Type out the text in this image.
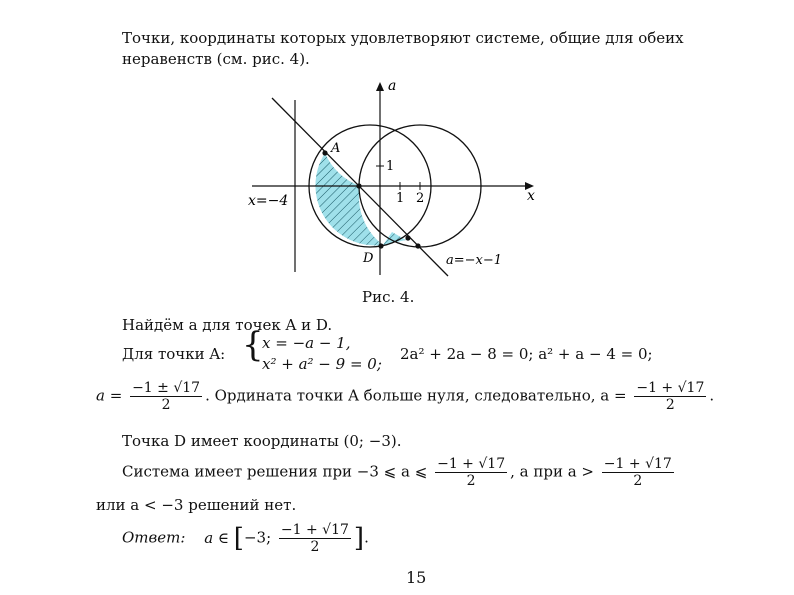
Точки, координаты которых удовлетворяют системе, общие для обеих
неравенств (см. рис. 4).
a
x
1
1 2
A
D
x=−4
a=−x−1
Рис. 4.
Найдём a для точек A и D.
Для точки A: {
x = −a − 1,
x² + a² − 9 = 0;
2a² + 2a − 8 = 0; a² + a − 4 = 0;
$a = \frac{-1 \pm √17}{2}$ . Ордината точки A больше нуля, следовательно, $a = \frac{-1 + √17}{2}$ .
Точка D имеет координаты (0; −3).
Система имеет решения при −3 ⩽ a ⩽ $\frac{-1 + √17}{2}$ , а при $a > \frac{-1 + √17}{2}$
или a < −3 решений нет.
Ответ: a ∈ [−3; $\frac{-1 + √17}{2}$ ].
15
